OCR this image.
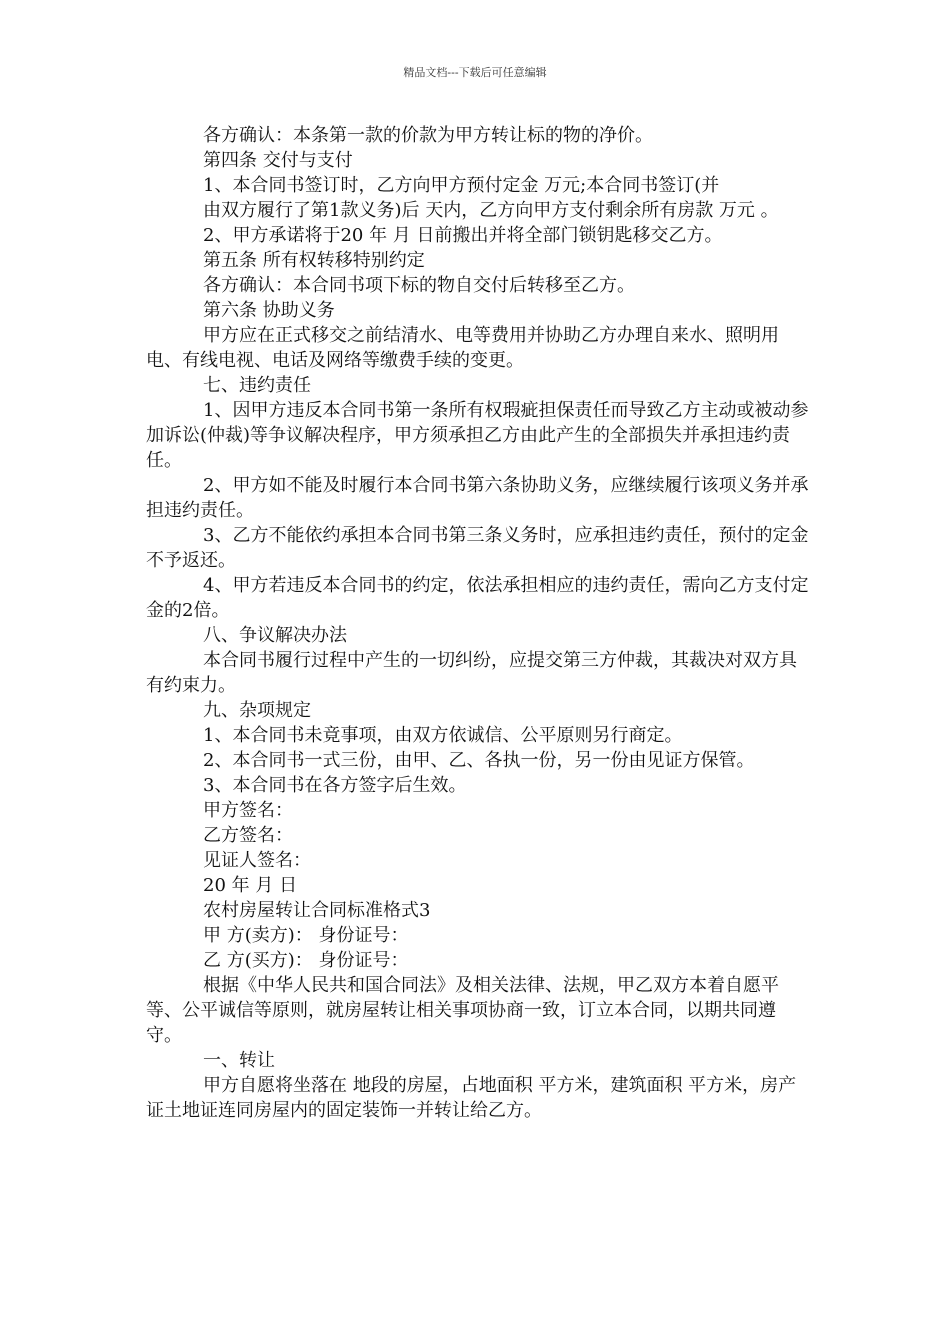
精品文档---下载后可任意编辑

各方确认：本条第一款的价款为甲方转让标的物的净价。

第四条 交付与支付

1、本合同书签订时，乙方向甲方预付定金 万元;本合同书签订(并

由双方履行了第1款义务)后 天内，乙方向甲方支付剩余所有房款 万元 。

2、甲方承诺将于20 年 月 日前搬出并将全部门锁钥匙移交乙方。

第五条 所有权转移特别约定

各方确认：本合同书项下标的物自交付后转移至乙方。

第六条 协助义务

甲方应在正式移交之前结清水、电等费用并协助乙方办理自来水、照明用电、有线电视、电话及网络等缴费手续的变更。

七、违约责任

1、因甲方违反本合同书第一条所有权瑕疵担保责任而导致乙方主动或被动参加诉讼(仲裁)等争议解决程序，甲方须承担乙方由此产生的全部损失并承担违约责任。

2、甲方如不能及时履行本合同书第六条协助义务，应继续履行该项义务并承担违约责任。

3、乙方不能依约承担本合同书第三条义务时，应承担违约责任，预付的定金不予返还。

4、甲方若违反本合同书的约定，依法承担相应的违约责任，需向乙方支付定金的2倍。

八、争议解决办法

本合同书履行过程中产生的一切纠纷，应提交第三方仲裁，其裁决对双方具有约束力。

九、杂项规定

1、本合同书未竟事项，由双方依诚信、公平原则另行商定。

2、本合同书一式三份，由甲、乙、各执一份，另一份由见证方保管。

3、本合同书在各方签字后生效。

甲方签名：

乙方签名：

见证人签名：

20 年 月 日

农村房屋转让合同标准格式3

甲 方(卖方)： 身份证号：

乙 方(买方)： 身份证号：

根据《中华人民共和国合同法》及相关法律、法规，甲乙双方本着自愿平等、公平诚信等原则，就房屋转让相关事项协商一致，订立本合同，以期共同遵守。

一、转让

甲方自愿将坐落在 地段的房屋，占地面积 平方米，建筑面积 平方米，房产证土地证连同房屋内的固定装饰一并转让给乙方。
